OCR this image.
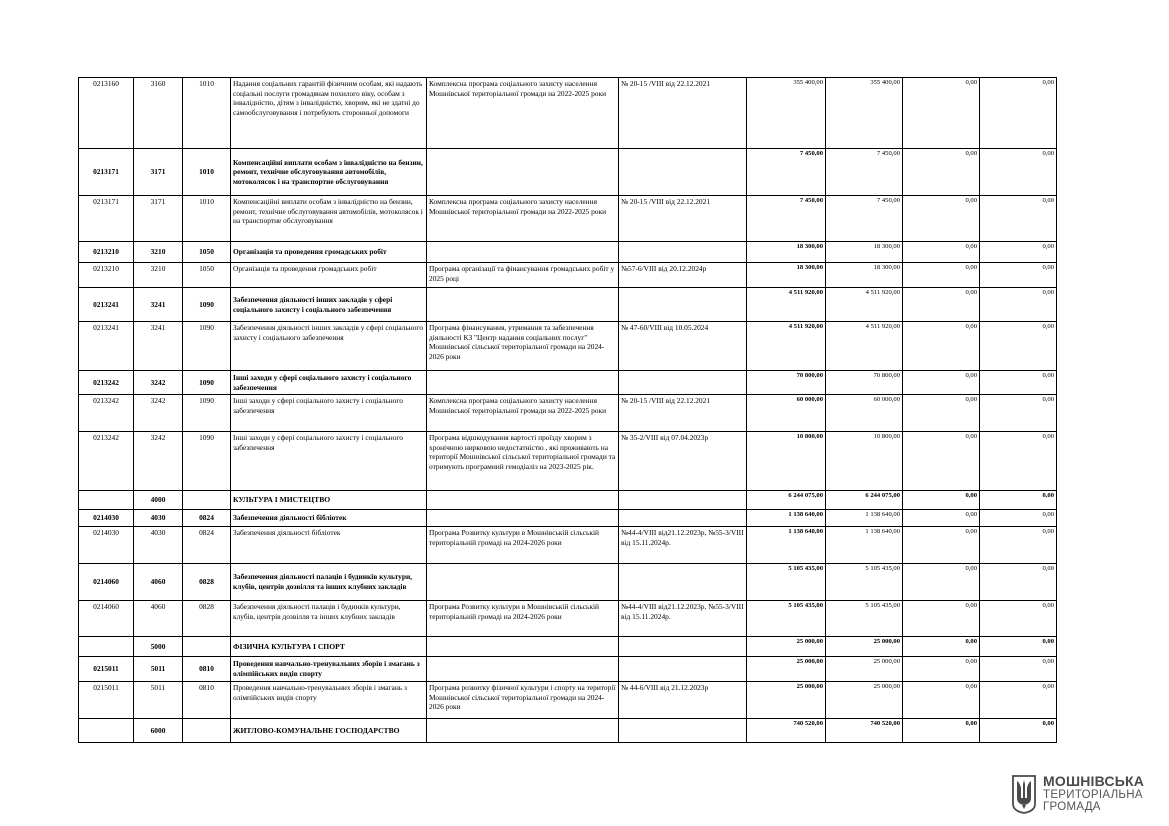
0213160	3160	1010	Надання соціальних гарантій фізичним особам, які надають соціальні послуги громадянам похилого віку, особам з інвалідністю, дітям з інвалідністю, хворим, які не здатні до самообслуговування і потребують сторонньої допомоги	Комплексна програма соціального захисту населення Мошнівської територіальної громади на 2022-2025 роки	№ 20-15 /VIII від 22.12.2021	355 400,00	355 400,00	0,00	0,00
0213171	3171	1010	Компенсаційні виплати особам з інвалідністю на бензин, ремонт, технічне обслуговування автомобілів, мотоколясок і на транспортне обслуговування			7 450,00	7 450,00	0,00	0,00
0213171	3171	1010	Компенсаційні виплати особам з інвалідністю на бензин, ремонт, технічне обслуговування автомобілів, мотоколясок і на транспортне обслуговування	Комплексна програма соціального захисту населення Мошнівської територіальної громади на 2022-2025 роки	№ 20-15 /VIII від 22.12.2021	7 450,00	7 450,00	0,00	0,00
0213210	3210	1050	Організація та проведення громадських робіт			18 300,00	18 300,00	0,00	0,00
0213210	3210	1050	Організація та проведення громадських робіт	Програма організації та фінансування громадських робіт у 2025 році	№57-6/VIII від 20.12.2024р	18 300,00	18 300,00	0,00	0,00
0213241	3241	1090	Забезпечення діяльності інших закладів у сфері соціального захисту і соціального забезпечення			4 511 920,00	4 511 920,00	0,00	0,00
0213241	3241	1090	Забезпечення діяльності інших закладів у сфері соціального захисту і соціального забезпечення	Програма фінансування, утримання та забезпечення діяльності КЗ "Центр надання соціальних послуг" Мошнівської сільської територіальної громади на 2024-2026 роки	№ 47-60/VIII від 10.05.2024	4 511 920,00	4 511 920,00	0,00	0,00
0213242	3242	1090	Інші заходи у сфері соціального захисту і соціального забезпечення			70 800,00	70 800,00	0,00	0,00
0213242	3242	1090	Інші заходи у сфері соціального захисту і соціального забезпечення	Комплексна програма соціального захисту населення Мошнівської територіальної громади на 2022-2025 роки	№ 20-15 /VIII від 22.12.2021	60 000,00	60 000,00	0,00	0,00
0213242	3242	1090	Інші заходи у сфері соціального захисту і соціального забезпечення	Програма відшкодування вартості проїзду хворим з хронічною нирковою недостатністю , які проживають на території Мошнівської сільської територіальної громади та отримують програмний гемодіаліз на 2023-2025 рік.	№ 35-2/VIII від 07.04.2023р	10 800,00	10 800,00	0,00	0,00
	4000		КУЛЬТУРА І МИСТЕЦТВО			6 244 075,00	6 244 075,00	0,00	0,00
0214030	4030	0824	Забезпечення діяльності бібліотек			1 138 640,00	1 138 640,00	0,00	0,00
0214030	4030	0824	Забезпечення діяльності бібліотек	Програма Розвитку культури в Мошнівській сільській територіальній громаді на 2024-2026 роки	№44-4/VIII від21.12.2023р, №55-3/VIII від 15.11.2024р.	1 138 640,00	1 138 640,00	0,00	0,00
0214060	4060	0828	Забезпечення діяльності палаців i будинків культури, клубів, центрів дозвілля та iнших клубних закладів			5 105 435,00	5 105 435,00	0,00	0,00
0214060	4060	0828	Забезпечення діяльності палаців i будинків культури, клубів, центрів дозвілля та iнших клубних закладів	Програма Розвитку культури в Мошнівській сільській територіальній громаді на 2024-2026 роки	№44-4/VIII від21.12.2023р, №55-3/VIII від 15.11.2024р.	5 105 435,00	5 105 435,00	0,00	0,00
	5000		ФІЗИЧНА КУЛЬТУРА І СПОРТ			25 000,00	25 000,00	0,00	0,00
0215011	5011	0810	Проведення навчально-тренувальних зборів і змагань з олімпійських видів спорту			25 000,00	25 000,00	0,00	0,00
0215011	5011	0810	Проведення навчально-тренувальних зборів і змагань з олімпійських видів спорту	Програма розвитку фізичної культури і спорту на території Мошнівської сільської територіальної громади на 2024-2026 роки	№ 44-6/VIII від 21.12.2023р	25 000,00	25 000,00	0,00	0,00
	6000		ЖИТЛОВО-КОМУНАЛЬНЕ ГОСПОДАРСТВО			740 520,00	740 520,00	0,00	0,00
МОШНІВСЬКА
ТЕРИТОРІАЛЬНА
ГРОМАДА
